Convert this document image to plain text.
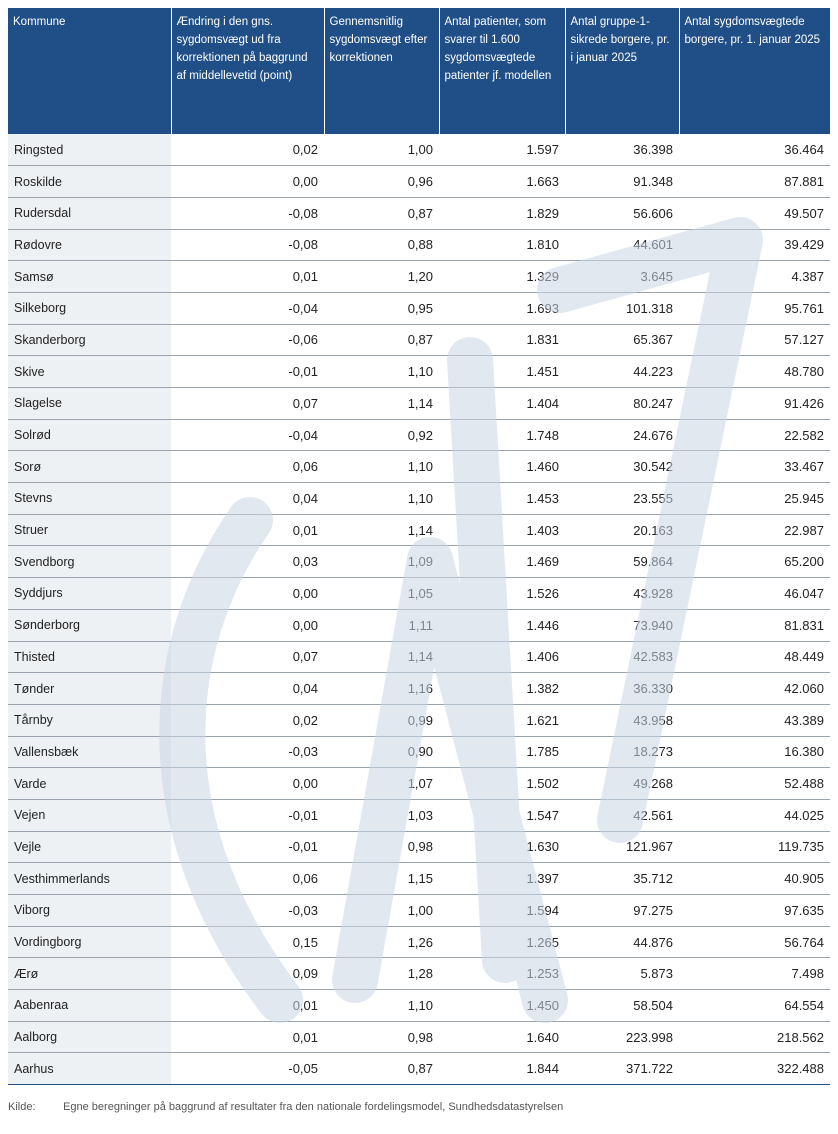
Kommune	Ændring i den gns. sygdomsvægt ud fra korrektionen på baggrund af middellevetid (point)	Gennemsnitlig sygdomsvægt efter korrektionen	Antal patienter, som svarer til 1.600 sygdomsvægtede patienter jf. modellen	Antal gruppe-1-sikrede borgere, pr. i januar 2025	Antal sygdomsvægtede borgere, pr. 1. januar 2025
Ringsted	0,02	1,00	1.597	36.398	36.464
Roskilde	0,00	0,96	1.663	91.348	87.881
Rudersdal	-0,08	0,87	1.829	56.606	49.507
Rødovre	-0,08	0,88	1.810	44.601	39.429
Samsø	0,01	1,20	1.329	3.645	4.387
Silkeborg	-0,04	0,95	1.693	101.318	95.761
Skanderborg	-0,06	0,87	1.831	65.367	57.127
Skive	-0,01	1,10	1.451	44.223	48.780
Slagelse	0,07	1,14	1.404	80.247	91.426
Solrød	-0,04	0,92	1.748	24.676	22.582
Sorø	0,06	1,10	1.460	30.542	33.467
Stevns	0,04	1,10	1.453	23.555	25.945
Struer	0,01	1,14	1.403	20.163	22.987
Svendborg	0,03	1,09	1.469	59.864	65.200
Syddjurs	0,00	1,05	1.526	43.928	46.047
Sønderborg	0,00	1,11	1.446	73.940	81.831
Thisted	0,07	1,14	1.406	42.583	48.449
Tønder	0,04	1,16	1.382	36.330	42.060
Tårnby	0,02	0,99	1.621	43.958	43.389
Vallensbæk	-0,03	0,90	1.785	18.273	16.380
Varde	0,00	1,07	1.502	49.268	52.488
Vejen	-0,01	1,03	1.547	42.561	44.025
Vejle	-0,01	0,98	1.630	121.967	119.735
Vesthimmerlands	0,06	1,15	1.397	35.712	40.905
Viborg	-0,03	1,00	1.594	97.275	97.635
Vordingborg	0,15	1,26	1.265	44.876	56.764
Ærø	0,09	1,28	1.253	5.873	7.498
Aabenraa	0,01	1,10	1.450	58.504	64.554
Aalborg	0,01	0,98	1.640	223.998	218.562
Aarhus	-0,05	0,87	1.844	371.722	322.488
Kilde:	Egne beregninger på baggrund af resultater fra den nationale fordelingsmodel, Sundhedsdatastyrelsen
